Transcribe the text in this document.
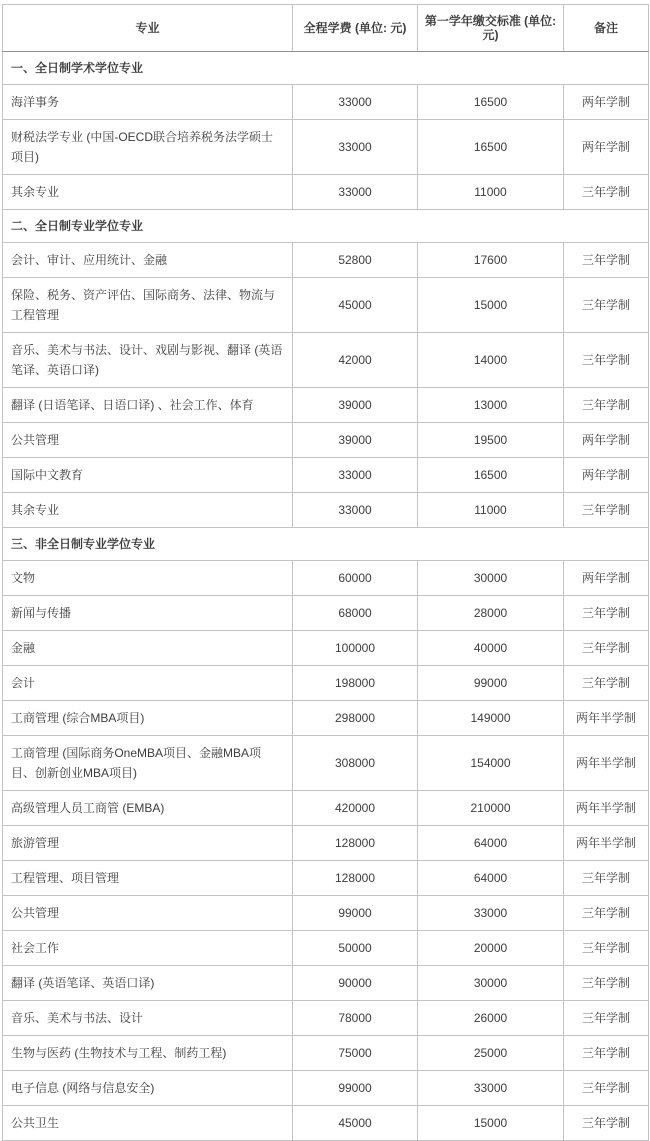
专业	全程学费 (单位: 元)	第一学年缴交标准 (单位: 元)	备注
一、全日制学术学位专业			
海洋事务	33000	16500	两年学制
财税法学专业 (中国-OECD联合培养税务法学硕士项目)	33000	16500	两年学制
其余专业	33000	11000	三年学制
二、全日制专业学位专业			
会计、审计、应用统计、金融	52800	17600	三年学制
保险、税务、资产评估、国际商务、法律、物流与工程管理	45000	15000	三年学制
音乐、美术与书法、设计、戏剧与影视、翻译 (英语笔译、英语口译)	42000	14000	三年学制
翻译 (日语笔译、日语口译) 、社会工作、体育	39000	13000	三年学制
公共管理	39000	19500	两年学制
国际中文教育	33000	16500	两年学制
其余专业	33000	11000	三年学制
三、非全日制专业学位专业			
文物	60000	30000	两年学制
新闻与传播	68000	28000	三年学制
金融	100000	40000	三年学制
会计	198000	99000	三年学制
工商管理 (综合MBA项目)	298000	149000	两年半学制
工商管理 (国际商务OneMBA项目、金融MBA项目、创新创业MBA项目)	308000	154000	两年半学制
高级管理人员工商管 (EMBA)	420000	210000	两年半学制
旅游管理	128000	64000	两年半学制
工程管理、项目管理	128000	64000	三年学制
公共管理	99000	33000	三年学制
社会工作	50000	20000	三年学制
翻译 (英语笔译、英语口译)	90000	30000	三年学制
音乐、美术与书法、设计	78000	26000	三年学制
生物与医药 (生物技术与工程、制药工程)	75000	25000	三年学制
电子信息 (网络与信息安全)	99000	33000	三年学制
公共卫生	45000	15000	三年学制
